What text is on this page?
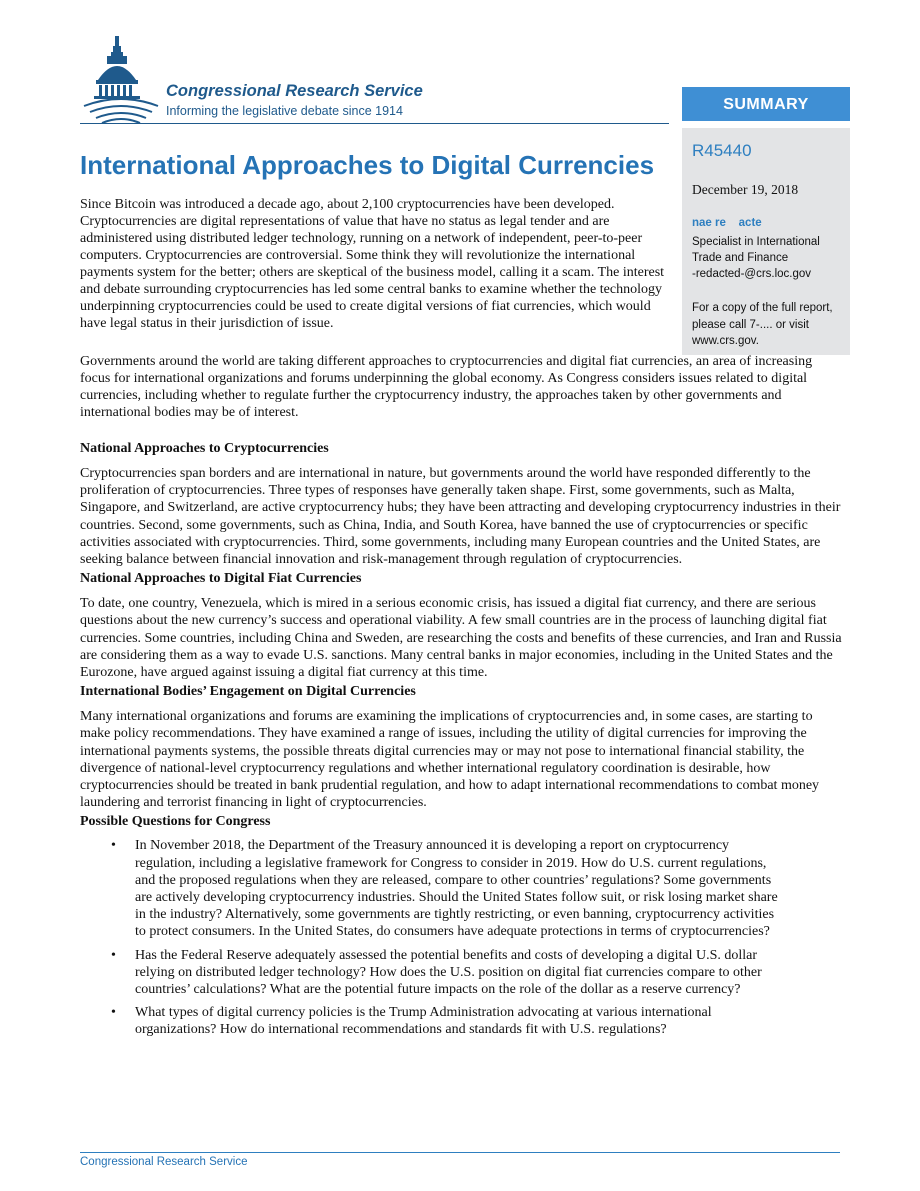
Congressional Research Service
Informing the legislative debate since 1914	SUMMARY
R45440
December 19, 2018
nae re    acte
Specialist in International
Trade and Finance
-redacted-@crs.loc.gov
For a copy of the full report,
please call 7-.... or visit
www.crs.gov.
International Approaches to Digital Currencies

Since Bitcoin was introduced a decade ago, about 2,100 cryptocurrencies have been developed. Cryptocurrencies are digital representations of value that have no status as legal tender and are administered using distributed ledger technology, running on a network of independent, peer-to-peer computers. Cryptocurrencies are controversial. Some think they will revolutionize the international payments system for the better; others are skeptical of the business model, calling it a scam. The interest and debate surrounding cryptocurrencies has led some central banks to examine whether the technology underpinning cryptocurrencies could be used to create digital versions of fiat currencies, which would have legal status in their jurisdiction of issue.

Governments around the world are taking different approaches to cryptocurrencies and digital fiat currencies, an area of increasing focus for international organizations and forums underpinning the global economy. As Congress considers issues related to digital currencies, including whether to regulate further the cryptocurrency industry, the approaches taken by other governments and international bodies may be of interest.

National Approaches to Cryptocurrencies

Cryptocurrencies span borders and are international in nature, but governments around the world have responded differently to the proliferation of cryptocurrencies. Three types of responses have generally taken shape. First, some governments, such as Malta, Singapore, and Switzerland, are active cryptocurrency hubs; they have been attracting and developing cryptocurrency industries in their countries. Second, some governments, such as China, India, and South Korea, have banned the use of cryptocurrencies or specific activities associated with cryptocurrencies. Third, some governments, including many European countries and the United States, are seeking balance between financial innovation and risk-management through regulation of cryptocurrencies.

National Approaches to Digital Fiat Currencies

To date, one country, Venezuela, which is mired in a serious economic crisis, has issued a digital fiat currency, and there are serious questions about the new currency’s success and operational viability. A few small countries are in the process of launching digital fiat currencies. Some countries, including China and Sweden, are researching the costs and benefits of these currencies, and Iran and Russia are considering them as a way to evade U.S. sanctions. Many central banks in major economies, including in the United States and the Eurozone, have argued against issuing a digital fiat currency at this time.

International Bodies’ Engagement on Digital Currencies

Many international organizations and forums are examining the implications of cryptocurrencies and, in some cases, are starting to make policy recommendations. They have examined a range of issues, including the utility of digital currencies for improving the international payments systems, the possible threats digital currencies may or may not pose to international financial stability, the divergence of national-level cryptocurrency regulations and whether international regulatory coordination is desirable, how cryptocurrencies should be treated in bank prudential regulation, and how to adapt international recommendations to combat money laundering and terrorist financing in light of cryptocurrencies.

Possible Questions for Congress
• In November 2018, the Department of the Treasury announced it is developing a report on cryptocurrency regulation, including a legislative framework for Congress to consider in 2019. How do U.S. current regulations, and the proposed regulations when they are released, compare to other countries’ regulations? Some governments are actively developing cryptocurrency industries. Should the United States follow suit, or risk losing market share in the industry? Alternatively, some governments are tightly restricting, or even banning, cryptocurrency activities to protect consumers. In the United States, do consumers have adequate protections in terms of cryptocurrencies?
• Has the Federal Reserve adequately assessed the potential benefits and costs of developing a digital U.S. dollar relying on distributed ledger technology? How does the U.S. position on digital fiat currencies compare to other countries’ calculations? What are the potential future impacts on the role of the dollar as a reserve currency?
• What types of digital currency policies is the Trump Administration advocating at various international organizations? How do international recommendations and standards fit with U.S. regulations?
Congressional Research Service
